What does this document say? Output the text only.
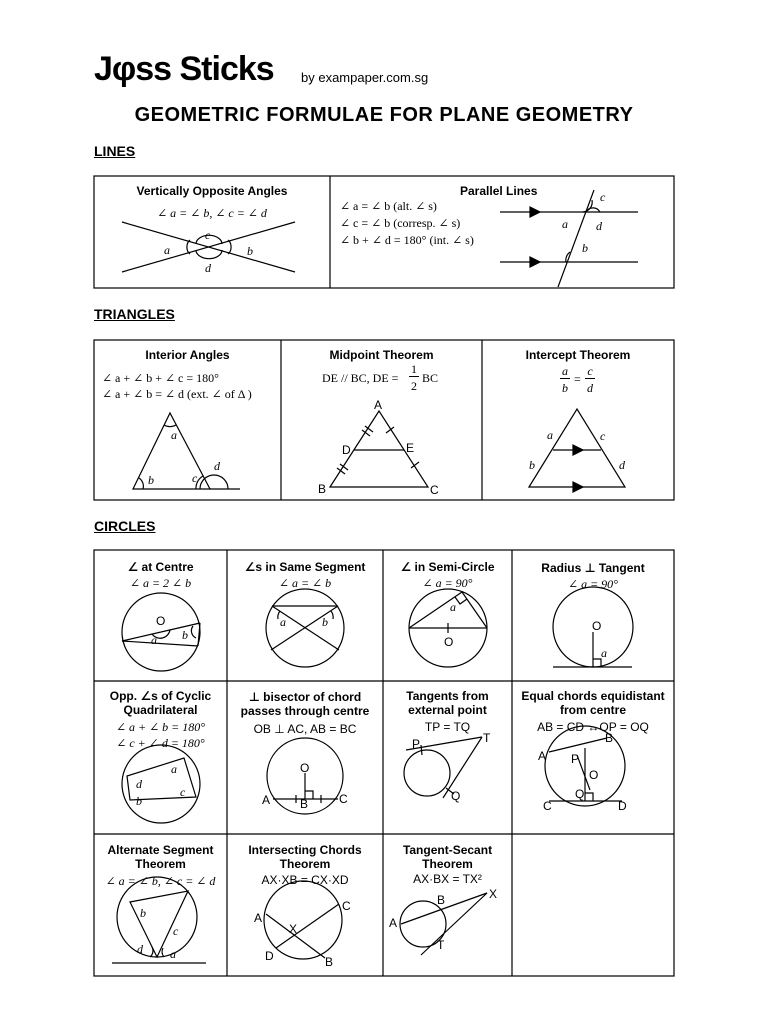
Jφss Sticks by exampaper.com.sg
GEOMETRIC FORMULAE FOR PLANE GEOMETRY
LINES
TRIANGLES
CIRCLES
Vertically Opposite Angles
∠ a = ∠ b, ∠ c = ∠ d
a	b
c
d
Parallel Lines
∠ a = ∠ b (alt. ∠ s)
∠ c = ∠ b (corresp. ∠ s)
∠ b + ∠ d = 180° (int. ∠ s)
c
a d
b
Interior Angles
∠ a + ∠ b + ∠ c = 180°
∠ a + ∠ b = ∠ d (ext. ∠ of Δ )
a
b	c
d
Midpoint Theorem
DE // BC, DE =
1
2
BC
A
D	E
B	C
Intercept Theorem
a
b
=
c
d
a	c
b	d
∠ at Centre
∠ a = 2 ∠ b
O
a b
∠s in Same Segment
∠ a = ∠ b
a	b
∠ in Semi-Circle
∠ a = 90°
a
O
Radius ⊥ Tangent
∠ a = 90°
O
a
Opp. ∠s of Cyclic Quadrilateral
∠ a + ∠ b = 180°
∠ c + ∠ d = 180°
a
d
b
c
⊥ bisector of chord passes through centre
OB ⊥ AC, AB = BC
O
A B	C
Tangents from external point
TP = TQ
P	T
Q
Equal chords equidistant from centre
AB = CD ↔OP = OQ
A
B
P
O
Q
C	D
Alternate Segment Theorem
∠ a = ∠ b, ∠ c = ∠ d
b
c
d a
Intersecting Chords Theorem
AX·XB = CX·XD
A
C
X
D	B
Tangent-Secant Theorem
AX·BX = TX²
A
B	X
T
